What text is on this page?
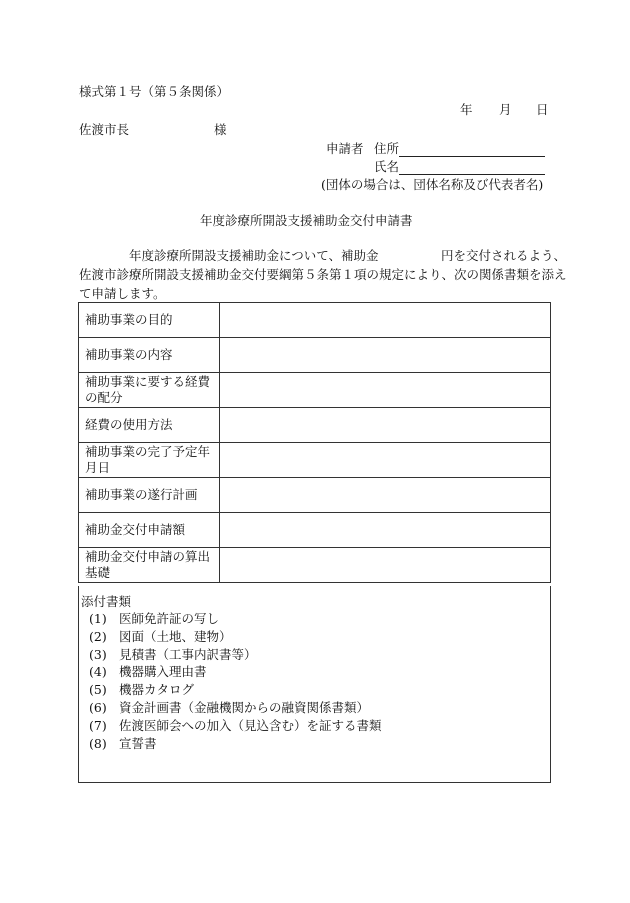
様式第１号（第５条関係）
年 月 日
佐渡市長	様
申請者 住所
氏名
(団体の場合は、団体名称及び代表者名)
年度診療所開設支援補助金交付申請書
年度診療所開設支援補助金について、補助金　　　　　円を交付されるよう、
佐渡市診療所開設支援補助金交付要綱第５条第１項の規定により、次の関係書類を添え
て申請します。
補助事業の目的	
補助事業の内容	
補助事業に要する経費の配分	
経費の使用方法	
補助事業の完了予定年月日	
補助事業の遂行計画	
補助金交付申請額	
補助金交付申請の算出基礎	
添付書類
(1) 医師免許証の写し
(2) 図面（土地、建物）
(3) 見積書（工事内訳書等）
(4) 機器購入理由書
(5) 機器カタログ
(6) 資金計画書（金融機関からの融資関係書類）
(7) 佐渡医師会への加入（見込含む）を証する書類
(8) 宣誓書
